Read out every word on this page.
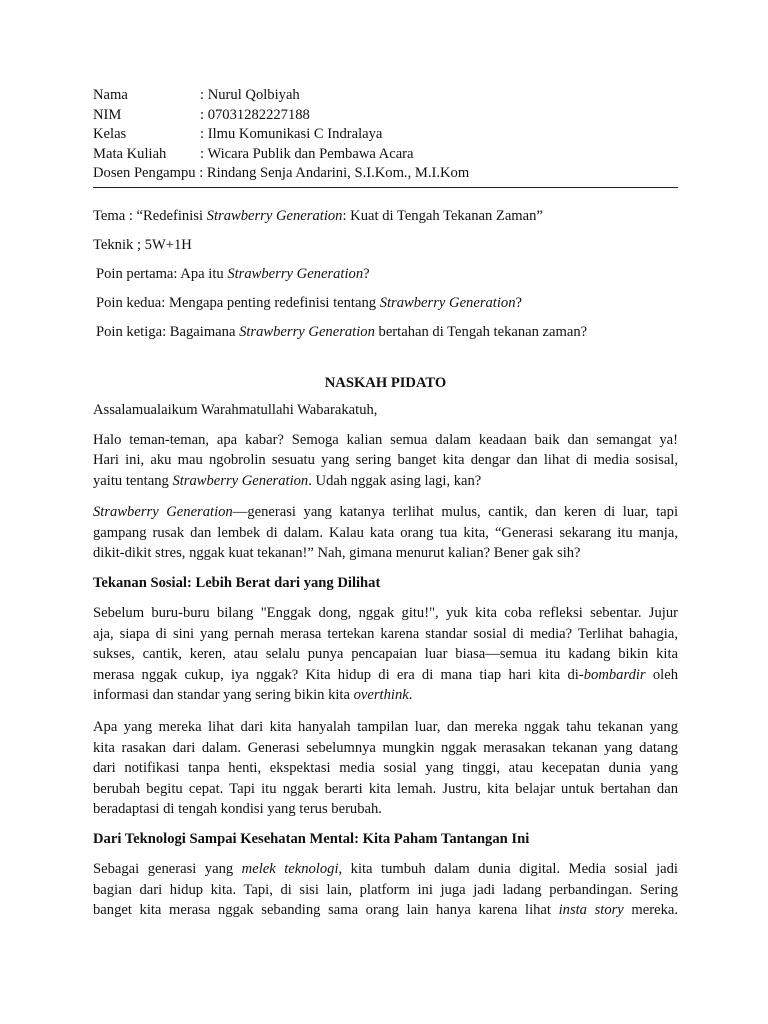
Nama	: Nurul Qolbiyah
NIM	: 07031282227188
Kelas	: Ilmu Komunikasi C Indralaya
Mata Kuliah	: Wicara Publik dan Pembawa Acara
Dosen Pengampu : Rindang Senja Andarini, S.I.Kom., M.I.Kom
Tema : “Redefinisi Strawberry Generation: Kuat di Tengah Tekanan Zaman”
Teknik ; 5W+1H
Poin pertama: Apa itu Strawberry Generation?
Poin kedua: Mengapa penting redefinisi tentang Strawberry Generation?
Poin ketiga: Bagaimana Strawberry Generation bertahan di Tengah tekanan zaman?
NASKAH PIDATO
Assalamualaikum Warahmatullahi Wabarakatuh,
Halo teman-teman, apa kabar? Semoga kalian semua dalam keadaan baik dan semangat ya!
Hari ini, aku mau ngobrolin sesuatu yang sering banget kita dengar dan lihat di media sosisal,
yaitu tentang Strawberry Generation. Udah nggak asing lagi, kan?
Strawberry Generation—generasi yang katanya terlihat mulus, cantik, dan keren di luar, tapi
gampang rusak dan lembek di dalam. Kalau kata orang tua kita, “Generasi sekarang itu manja,
dikit-dikit stres, nggak kuat tekanan!” Nah, gimana menurut kalian? Bener gak sih?
Tekanan Sosial: Lebih Berat dari yang Dilihat
Sebelum buru-buru bilang "Enggak dong, nggak gitu!", yuk kita coba refleksi sebentar. Jujur
aja, siapa di sini yang pernah merasa tertekan karena standar sosial di media? Terlihat bahagia,
sukses, cantik, keren, atau selalu punya pencapaian luar biasa—semua itu kadang bikin kita
merasa nggak cukup, iya nggak? Kita hidup di era di mana tiap hari kita di-bombardir oleh
informasi dan standar yang sering bikin kita overthink.
Apa yang mereka lihat dari kita hanyalah tampilan luar, dan mereka nggak tahu tekanan yang
kita rasakan dari dalam. Generasi sebelumnya mungkin nggak merasakan tekanan yang datang
dari notifikasi tanpa henti, ekspektasi media sosial yang tinggi, atau kecepatan dunia yang
berubah begitu cepat. Tapi itu nggak berarti kita lemah. Justru, kita belajar untuk bertahan dan
beradaptasi di tengah kondisi yang terus berubah.
Dari Teknologi Sampai Kesehatan Mental: Kita Paham Tantangan Ini
Sebagai generasi yang melek teknologi, kita tumbuh dalam dunia digital. Media sosial jadi
bagian dari hidup kita. Tapi, di sisi lain, platform ini juga jadi ladang perbandingan. Sering
banget kita merasa nggak sebanding sama orang lain hanya karena lihat insta story mereka.
